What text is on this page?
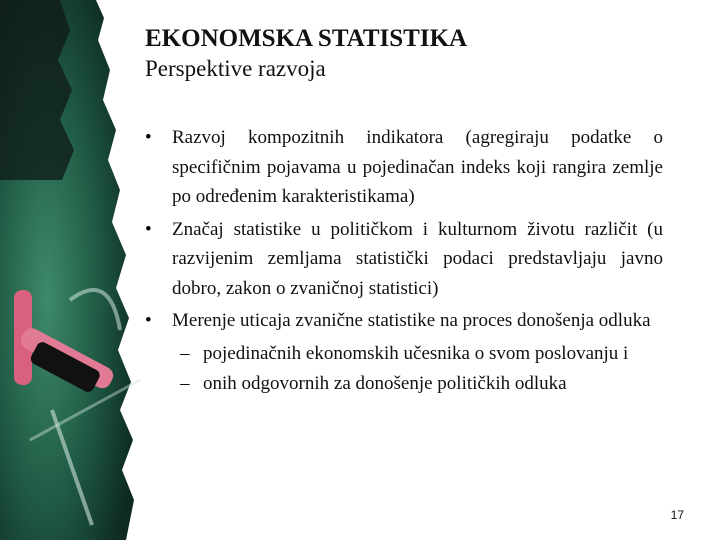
EKONOMSKA STATISTIKA
Perspektive razvoja
• Razvoj kompozitnih indikatora (agregiraju podatke o specifičnim pojavama u pojedinačan indeks koji rangira zemlje po određenim karakteristikama)
• Značaj statistike u političkom i kulturnom životu različit (u razvijenim zemljama statistički podaci predstavljaju javno dobro, zakon o zvaničnoj statistici)
• Merenje uticaja zvanične statistike na proces donošenja odluka
– pojedinačnih ekonomskih učesnika o svom poslovanju i
– onih odgovornih za donošenje političkih odluka
17
